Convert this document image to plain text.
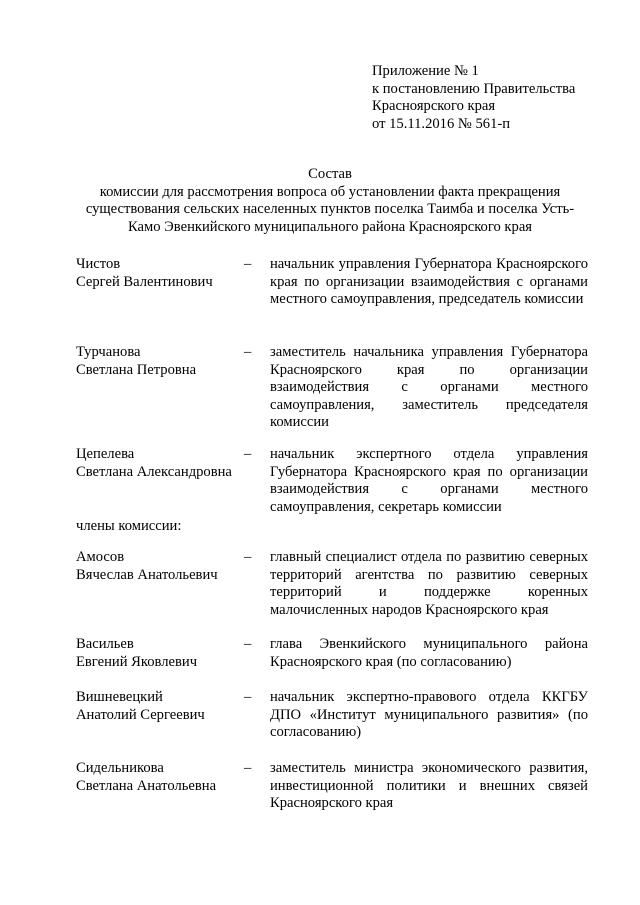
Приложение № 1
к постановлению Правительства
Красноярского края
от 15.11.2016 № 561-п
Состав
комиссии для рассмотрения вопроса об установлении факта прекращения
существования сельских населенных пунктов поселка Таимба и поселка Усть-
Камо Эвенкийского муниципального района Красноярского края
Чистов
Сергей Валентинович
– начальник управления Губернатора Красноярского края по организации взаимодействия с органами местного самоуправления, председатель комиссии
Турчанова
Светлана Петровна
– заместитель начальника управления Губернатора Красноярского края по организации взаимодействия с органами местного самоуправления, заместитель председателя комиссии
Цепелева
Светлана Александровна
– начальник экспертного отдела управления Губернатора Красноярского края по организации взаимодействия с органами местного самоуправления, секретарь комиссии
члены комиссии:
Амосов
Вячеслав Анатольевич
– главный специалист отдела по развитию северных территорий агентства по развитию северных территорий и поддержке коренных малочисленных народов Красноярского края
Васильев
Евгений Яковлевич
– глава Эвенкийского муниципального района Красноярского края (по согласованию)
Вишневецкий
Анатолий Сергеевич
– начальник экспертно-правового отдела ККГБУ ДПО «Институт муниципального развития» (по согласованию)
Сидельникова
Светлана Анатольевна
– заместитель министра экономического развития, инвестиционной политики и внешних связей Красноярского края
